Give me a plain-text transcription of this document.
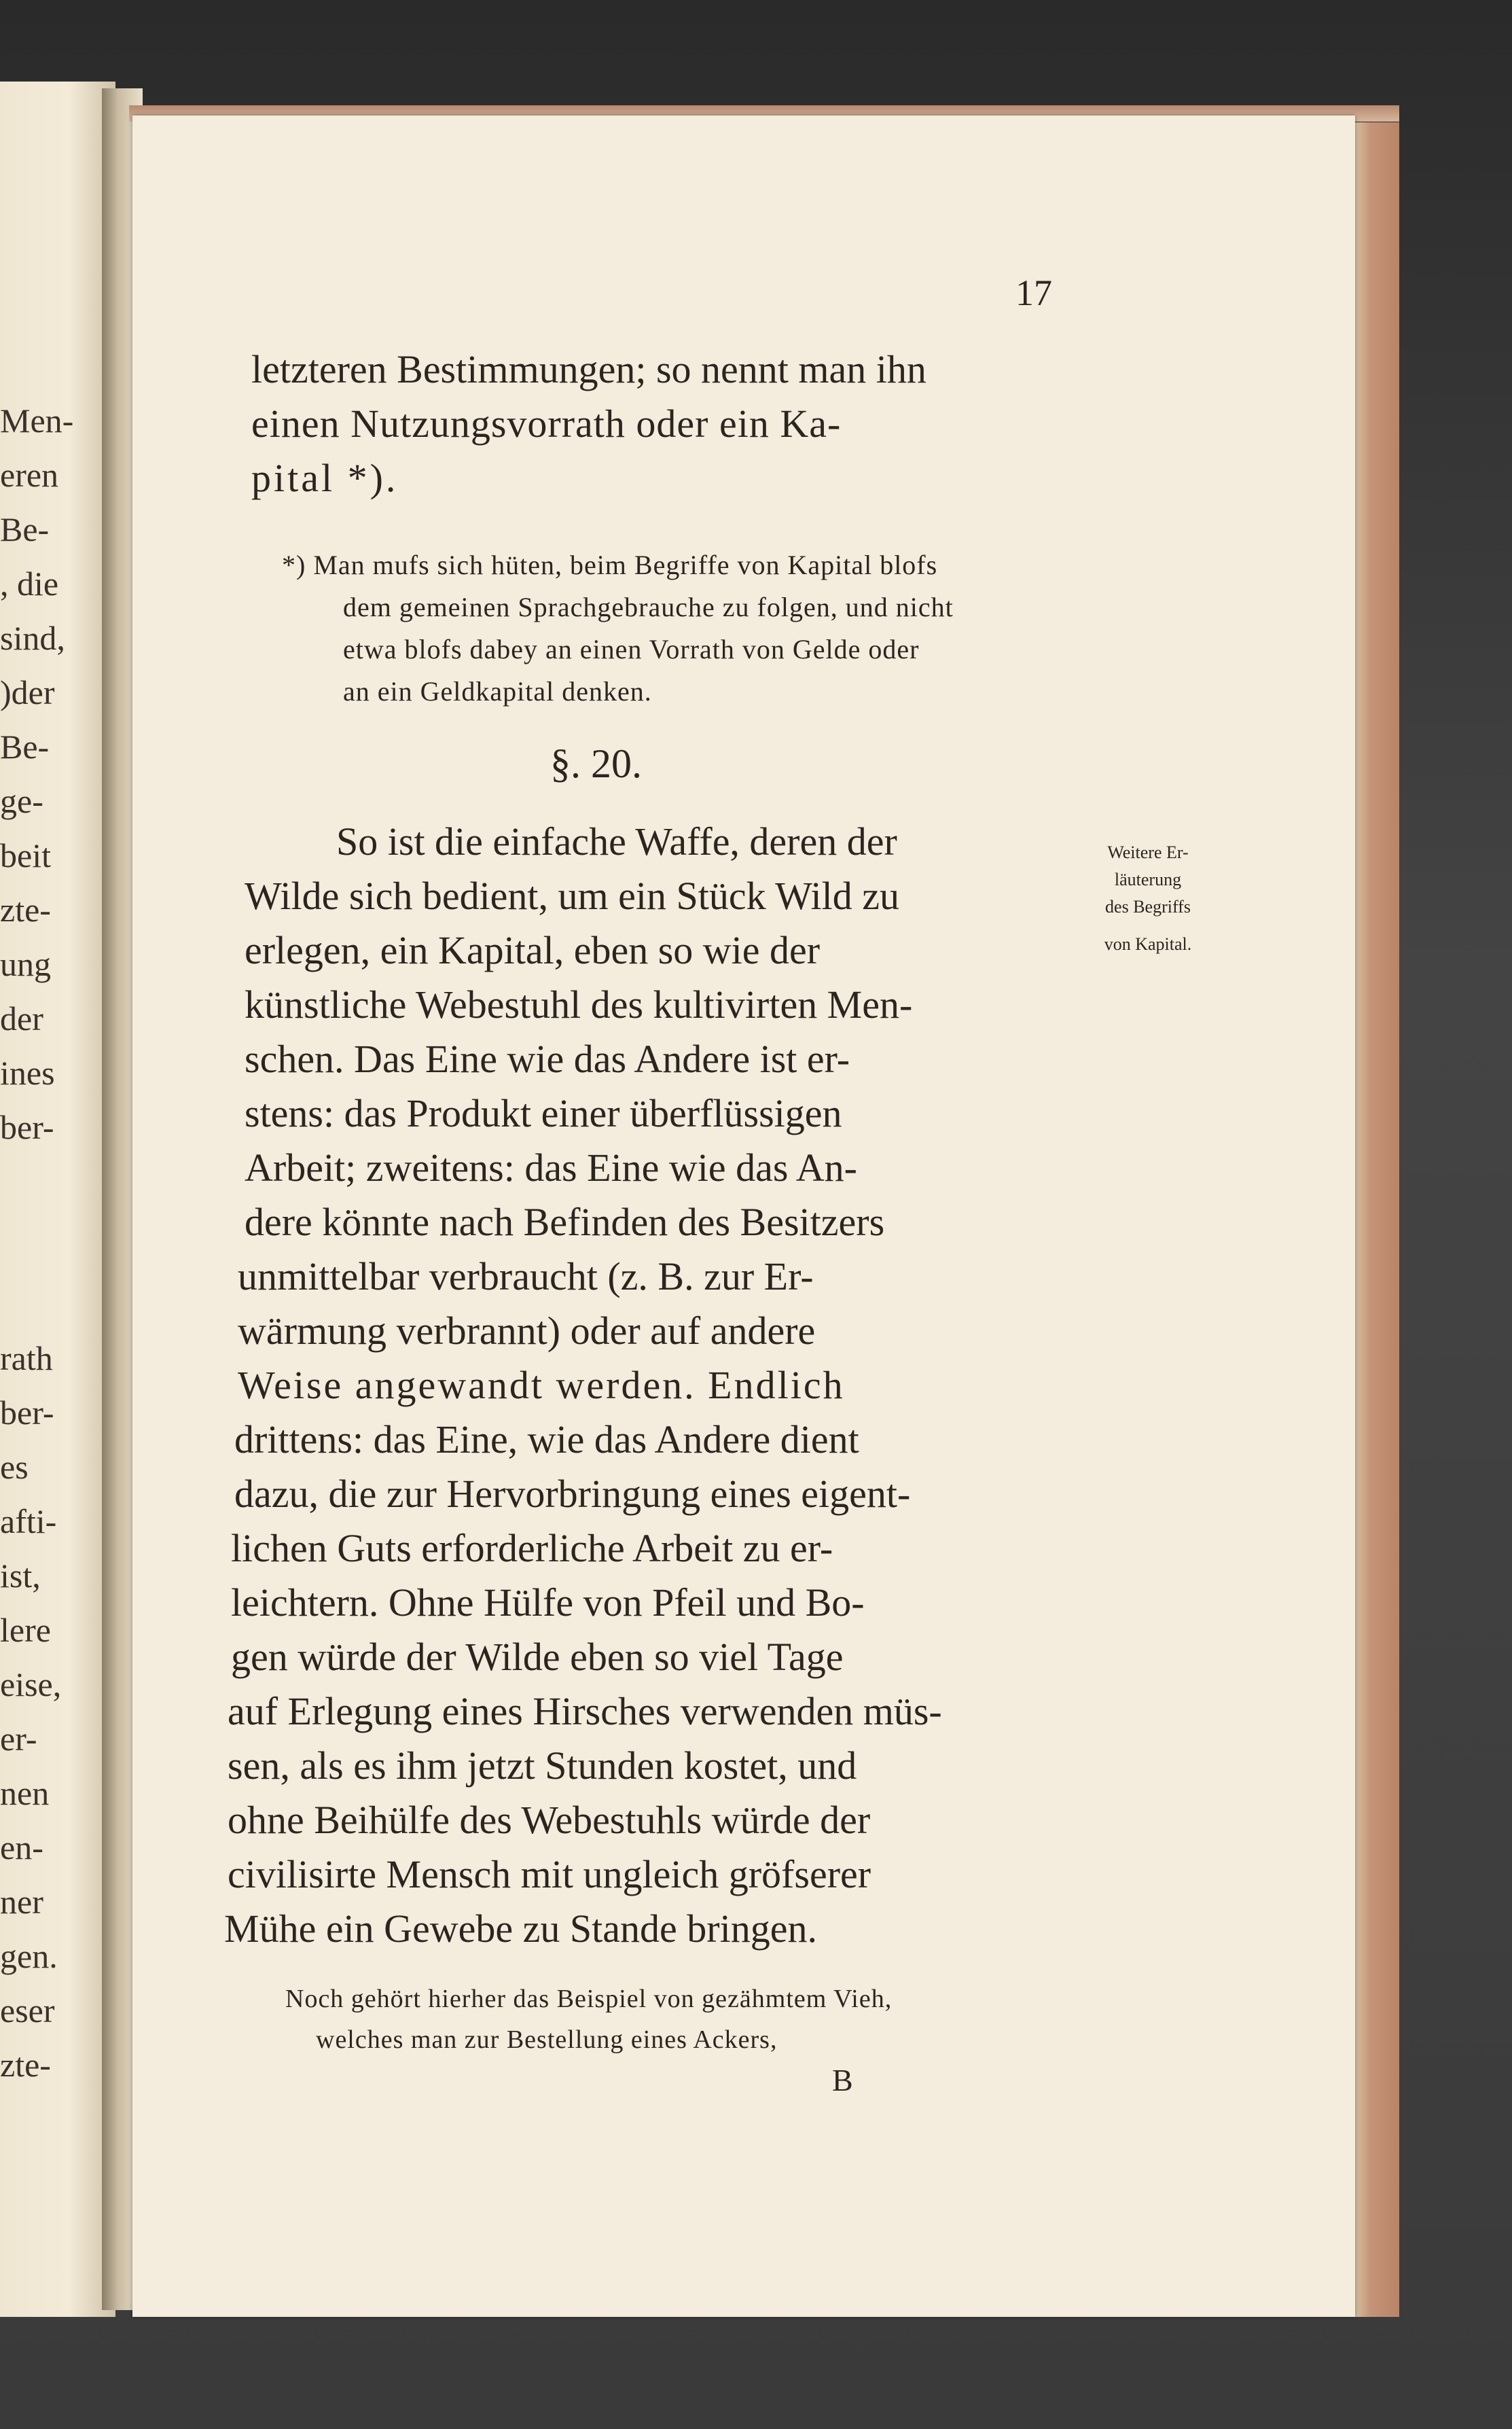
Men-
eren
Be-
, die
sind,
)der
Be-
ge-
beit
zte-
ung
der
ines
ber-
rath
ber-
es
afti-
ist,
lere
eise,
er-
nen
en-
ner
gen.
eser
zte-
17
letzteren Bestimmungen; so nennt man ihn
einen Nutzungsvorrath oder ein Ka-
pital *).
*) Man mufs sich hüten, beim Begriffe von Kapital blofs
dem gemeinen Sprachgebrauche zu folgen, und nicht
etwa blofs dabey an einen Vorrath von Gelde oder
an ein Geldkapital denken.
§. 20.
So ist die einfache Waffe, deren der
Wilde sich bedient, um ein Stück Wild zu
erlegen, ein Kapital, eben so wie der
künstliche Webestuhl des kultivirten Men-
schen. Das Eine wie das Andere ist er-
stens: das Produkt einer überflüssigen
Arbeit; zweitens: das Eine wie das An-
dere könnte nach Befinden des Besitzers
unmittelbar verbraucht (z. B. zur Er-
wärmung verbrannt) oder auf andere
Weise angewandt werden. Endlich
drittens: das Eine, wie das Andere dient
dazu, die zur Hervorbringung eines eigent-
lichen Guts erforderliche Arbeit zu er-
leichtern. Ohne Hülfe von Pfeil und Bo-
gen würde der Wilde eben so viel Tage
auf Erlegung eines Hirsches verwenden müs-
sen, als es ihm jetzt Stunden kostet, und
ohne Beihülfe des Webestuhls würde der
civilisirte Mensch mit ungleich gröfserer
Mühe ein Gewebe zu Stande bringen.
Weitere Er-
läuterung
des Begriffs
von Kapital.
Noch gehört hierher das Beispiel von gezähmtem Vieh,
welches man zur Bestellung eines Ackers,
B
